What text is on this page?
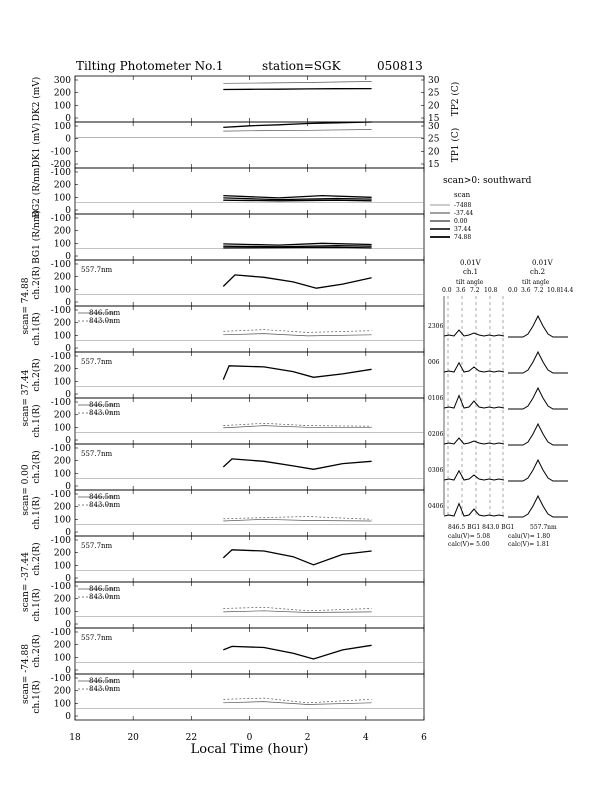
Tilting Photometer No.1	station=SGK	050813
300
200
100
0
DK2 (mV)	30
25
20
15
TP2 (C)
100
0
-100
-200
DK1 (mV)	30
25
20
15
TP1 (C)
-100
200
100
0
BG2 (R/nm)
-100
200
100
0
BG1 (R/nm)
-100
200
100
0
ch.2(R)	557.7nm
-100
200
100
0
ch.1(R)	846.5nm
843.0nm
-100
200
100
0
ch.2(R)	557.7nm
-100
200
100
0
ch.1(R)	846.5nm
843.0nm
-100
200
100
0
ch.2(R)	557.7nm
-100
200
100
0
ch.1(R)	846.5nm
843.0nm
-100
200
100
0
ch.2(R)	557.7nm
-100
200
100
0
ch.1(R)	846.5nm
843.0nm
-100
200
100
0
ch.2(R)	557.7nm
-100
200
100
0
ch.1(R)	846.5nm
843.0nm
18	20	22	0	2	4	6
Local Time (hour)
scan= 74.88
scan= 37.44
scan= 0.00
scan= -37.44
scan= -74.88
scan>0: southward
scan
-7488
-37.44
0.00
37.44
74.88
0.01V	0.01V
ch.1	ch.2
tilt angle	tilt angle
0.0 3.6 7.2 10.8 0.0 3.6 7.2 10.8 14.4
2306
006
0106
0206
0306
0406
846.5 BG1 843.0 BG1	557.7nm
calu(V)= 5.08
calc(V)= 5.00
calu(V)= 1.80
calc(V)= 1.81
